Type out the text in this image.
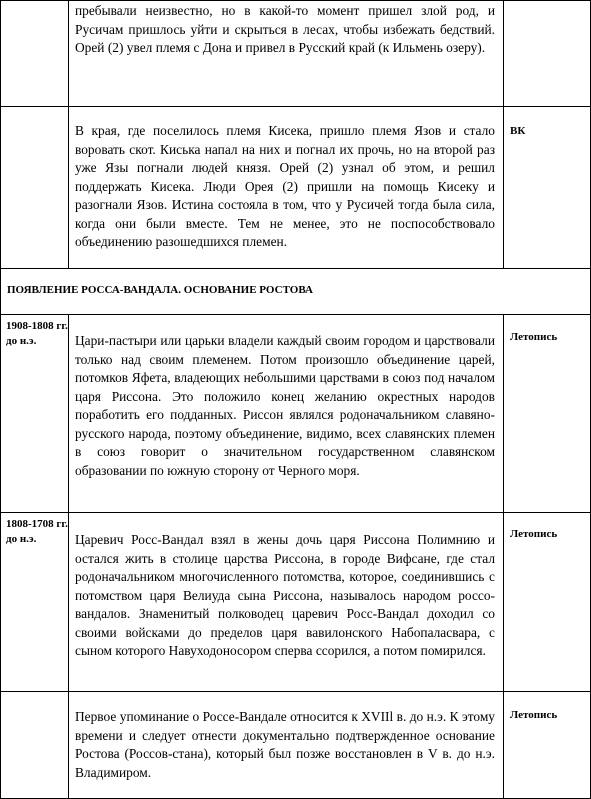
	пребывали неизвестно, но в какой-то момент пришел злой род, и Русичам пришлось уйти и скрыться в лесах, чтобы избежать бедствий. Орей (2) увел племя с Дона и привел в Русский край (к Ильмень озеру).	

	В края, где поселилось племя Кисека, пришло племя Язов и стало воровать скот. Киська напал на них и погнал их прочь, но на второй раз уже Язы погнали людей князя. Орей (2) узнал об этом, и решил поддержать Кисека. Люди Орея (2) пришли на помощь Кисеку и разогнали Язов. Истина состояла в том, что у Русичей тогда была сила, когда они были вместе. Тем не менее, это не поспособствовало объединению разошедшихся племен.	ВК

ПОЯВЛЕНИЕ РОССА-ВАНДАЛА. ОСНОВАНИЕ РОСТОВА		

1908-1808 гг. до н.э.	Цари-пастыри или царьки владели каждый своим городом и царствовали только над своим племенем. Потом произошло объединение царей, потомков Яфета, владеющих небольшими царствами в союз под началом царя Риссона. Это положило конец желанию окрестных народов поработить его подданных. Риссон являлся родоначальником славяно-русского народа, поэтому объединение, видимо, всех славянских племен в союз говорит о значительном государственном славянском образовании по южную сторону от Черного моря.	Летопись

1808-1708 гг. до н.э.	Царевич Росс-Вандал взял в жены дочь царя Риссона Полимнию и остался жить в столице царства Риссона, в городе Вифсане, где стал родоначальником многочисленного потомства, которое, соединившись с потомством царя Велиуда сына Риссона, называлось народом россо-вандалов. Знаменитый полководец царевич Росс-Вандал доходил со своими войсками до пределов царя вавилонского Набопаласвара, с сыном которого Навуходоносором сперва ссорился, а потом помирился.	Летопись

	Первое упоминание о Россе-Вандале относится к XVIIl в. до н.э. К этому времени и следует отнести документально подтвержденное основание Ростова (Россов-стана), который был позже восстановлен в V в. до н.э. Владимиром.	Летопись
